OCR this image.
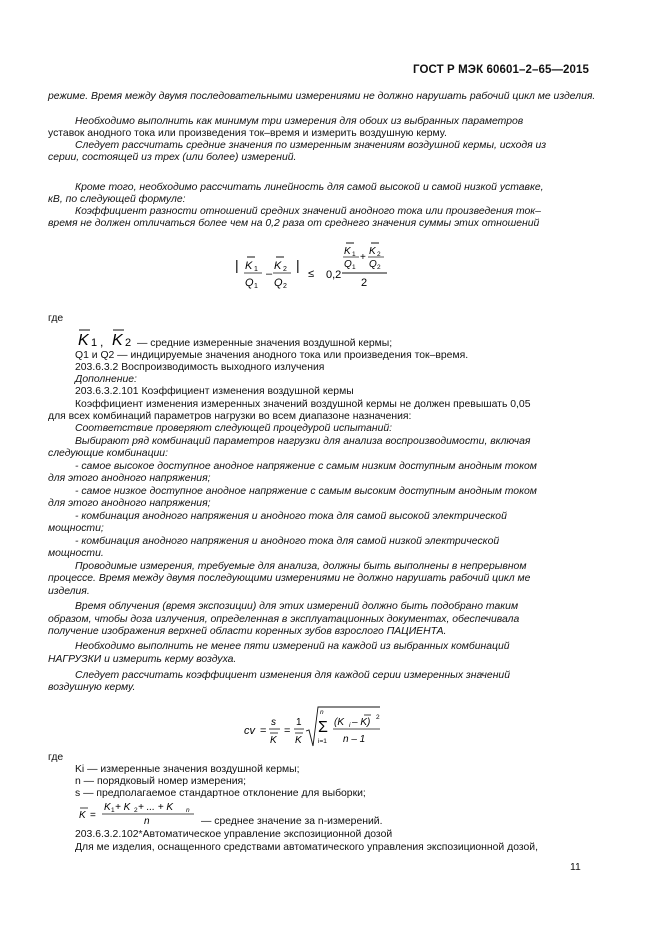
ГОСТ Р МЭК 60601–2–65—2015
режиме. Время между двумя последовательными измерениями не должно нарушать рабочий цикл ме изделия.
Необходимо выполнить как минимум три измерения для обоих из выбранных параметров
уставок анодного тока или произведения ток–время и измерить воздушную керму.
Следует рассчитать средние значения по измеренным значениям воздушной кермы, исходя из
серии, состоящей из трех (или более) измерений.
Кроме того, необходимо рассчитать линейность для самой высокой и самой низкой уставке,
кВ, по следующей формуле:
Коэффициент разности отношений средних значений анодного тока или произведения ток–
время не должен отличаться более чем на 0,2 раза от среднего значения суммы этих отношений
| K 1
Q 1
–
K 2
Q 2
|
≤ 0,2
K 1
Q 1
+
K 2
Q 2
2
где
K 1 , K 2 — средние измеренные значения воздушной кермы;
Q1 и Q2 — индицируемые значения анодного тока или произведения ток–время.
203.6.3.2 Воспроизводимость выходного излучения
Дополнение:
203.6.3.2.101 Коэффициент изменения воздушной кермы
Коэффициент изменения измеренных значений воздушной кермы не должен превышать 0,05
для всех комбинаций параметров нагрузки во всем диапазоне назначения:
Соответствие проверяют следующей процедурой испытаний:
Выбирают ряд комбинаций параметров нагрузки для анализа воспроизводимости, включая
следующие комбинации:
- самое высокое доступное анодное напряжение с самым низким доступным анодным током
для этого анодного напряжения;
- самое низкое доступное анодное напряжение с самым высоким доступным анодным током
для этого анодного напряжения;
- комбинация анодного напряжения и анодного тока для самой высокой электрической
мощности;
- комбинация анодного напряжения и анодного тока для самой низкой электрической
мощности.
Проводимые измерения, требуемые для анализа, должны быть выполнены в непрерывном
процессе. Время между двумя последующими измерениями не должно нарушать рабочий цикл ме
изделия.
Время облучения (время экспозиции) для этих измерений должно быть подобрано таким
образом, чтобы доза излучения, определенная в эксплуатационных документах, обеспечивала
получение изображения верхней области коренных зубов взрослого ПАЦИЕНТА.
Необходимо выполнить не менее пяти измерений на каждой из выбранных комбинаций
НАГРУЗКИ и измерить керму воздуха.
Следует рассчитать коэффициент изменения для каждой серии измеренных значений
воздушную керму.
cv =
s
K
=
1
K
n
Σ
i=1
(K i – K) 2
n – 1
где
Ki — измеренные значения воздушной кермы;
n — порядковый номер измерения;
s — предполагаемое стандартное отклонение для выборки;
K =
K 1 + K 2 + ... + K n
n	— среднее значение за n-измерений.
203.6.3.2.102*Автоматическое управление экспозиционной дозой
Для ме изделия, оснащенного средствами автоматического управления экспозиционной дозой,
11
